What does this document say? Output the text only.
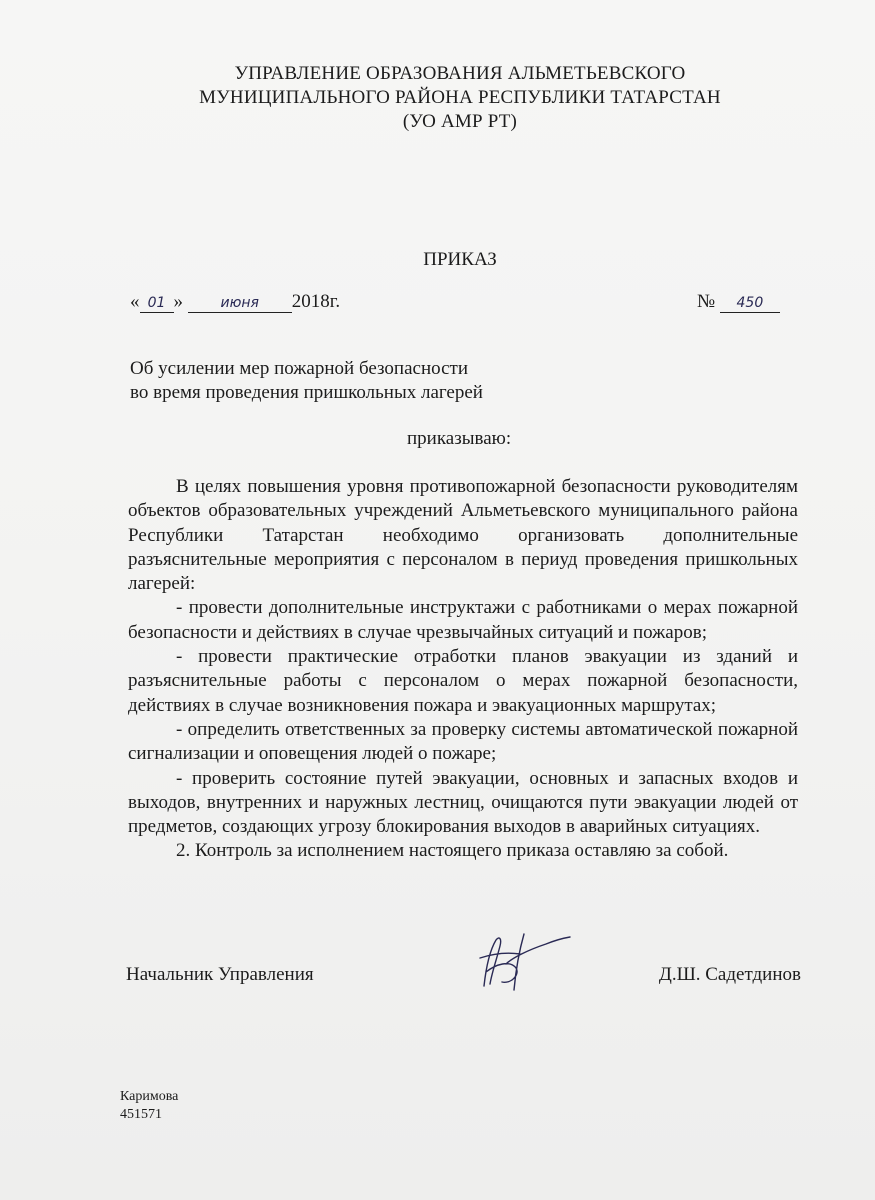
УПРАВЛЕНИЕ ОБРАЗОВАНИЯ АЛЬМЕТЬЕВСКОГО
МУНИЦИПАЛЬНОГО РАЙОНА РЕСПУБЛИКИ ТАТАРСТАН
(УО АМР РТ)
ПРИКАЗ
« 01 »	июня 2018г.	№ 450
Об усилении мер пожарной безопасности
во время проведения пришкольных лагерей
приказываю:

В целях повышения уровня противопожарной безопасности руководителям объектов образовательных учреждений Альметьевского муниципального района Республики Татарстан необходимо организовать дополнительные разъяснительные мероприятия с персоналом в периуд проведения пришкольных лагерей:

- провести дополнительные инструктажи с работниками о мерах пожарной безопасности и действиях в случае чрезвычайных ситуаций и пожаров;

- провести практические отработки планов эвакуации из зданий и разъяснительные работы с персоналом о мерах пожарной безопасности, действиях в случае возникновения пожара и эвакуационных маршрутах;

- определить ответственных за проверку системы автоматической пожарной сигнализации и оповещения людей о пожаре;

- проверить состояние путей эвакуации, основных и запасных входов и выходов, внутренних и наружных лестниц, очищаются пути эвакуации людей от предметов, создающих угрозу блокирования выходов в аварийных ситуациях.

2. Контроль за исполнением настоящего приказа оставляю за собой.

Начальник Управления	Д.Ш. Садетдинов
Каримова
451571
